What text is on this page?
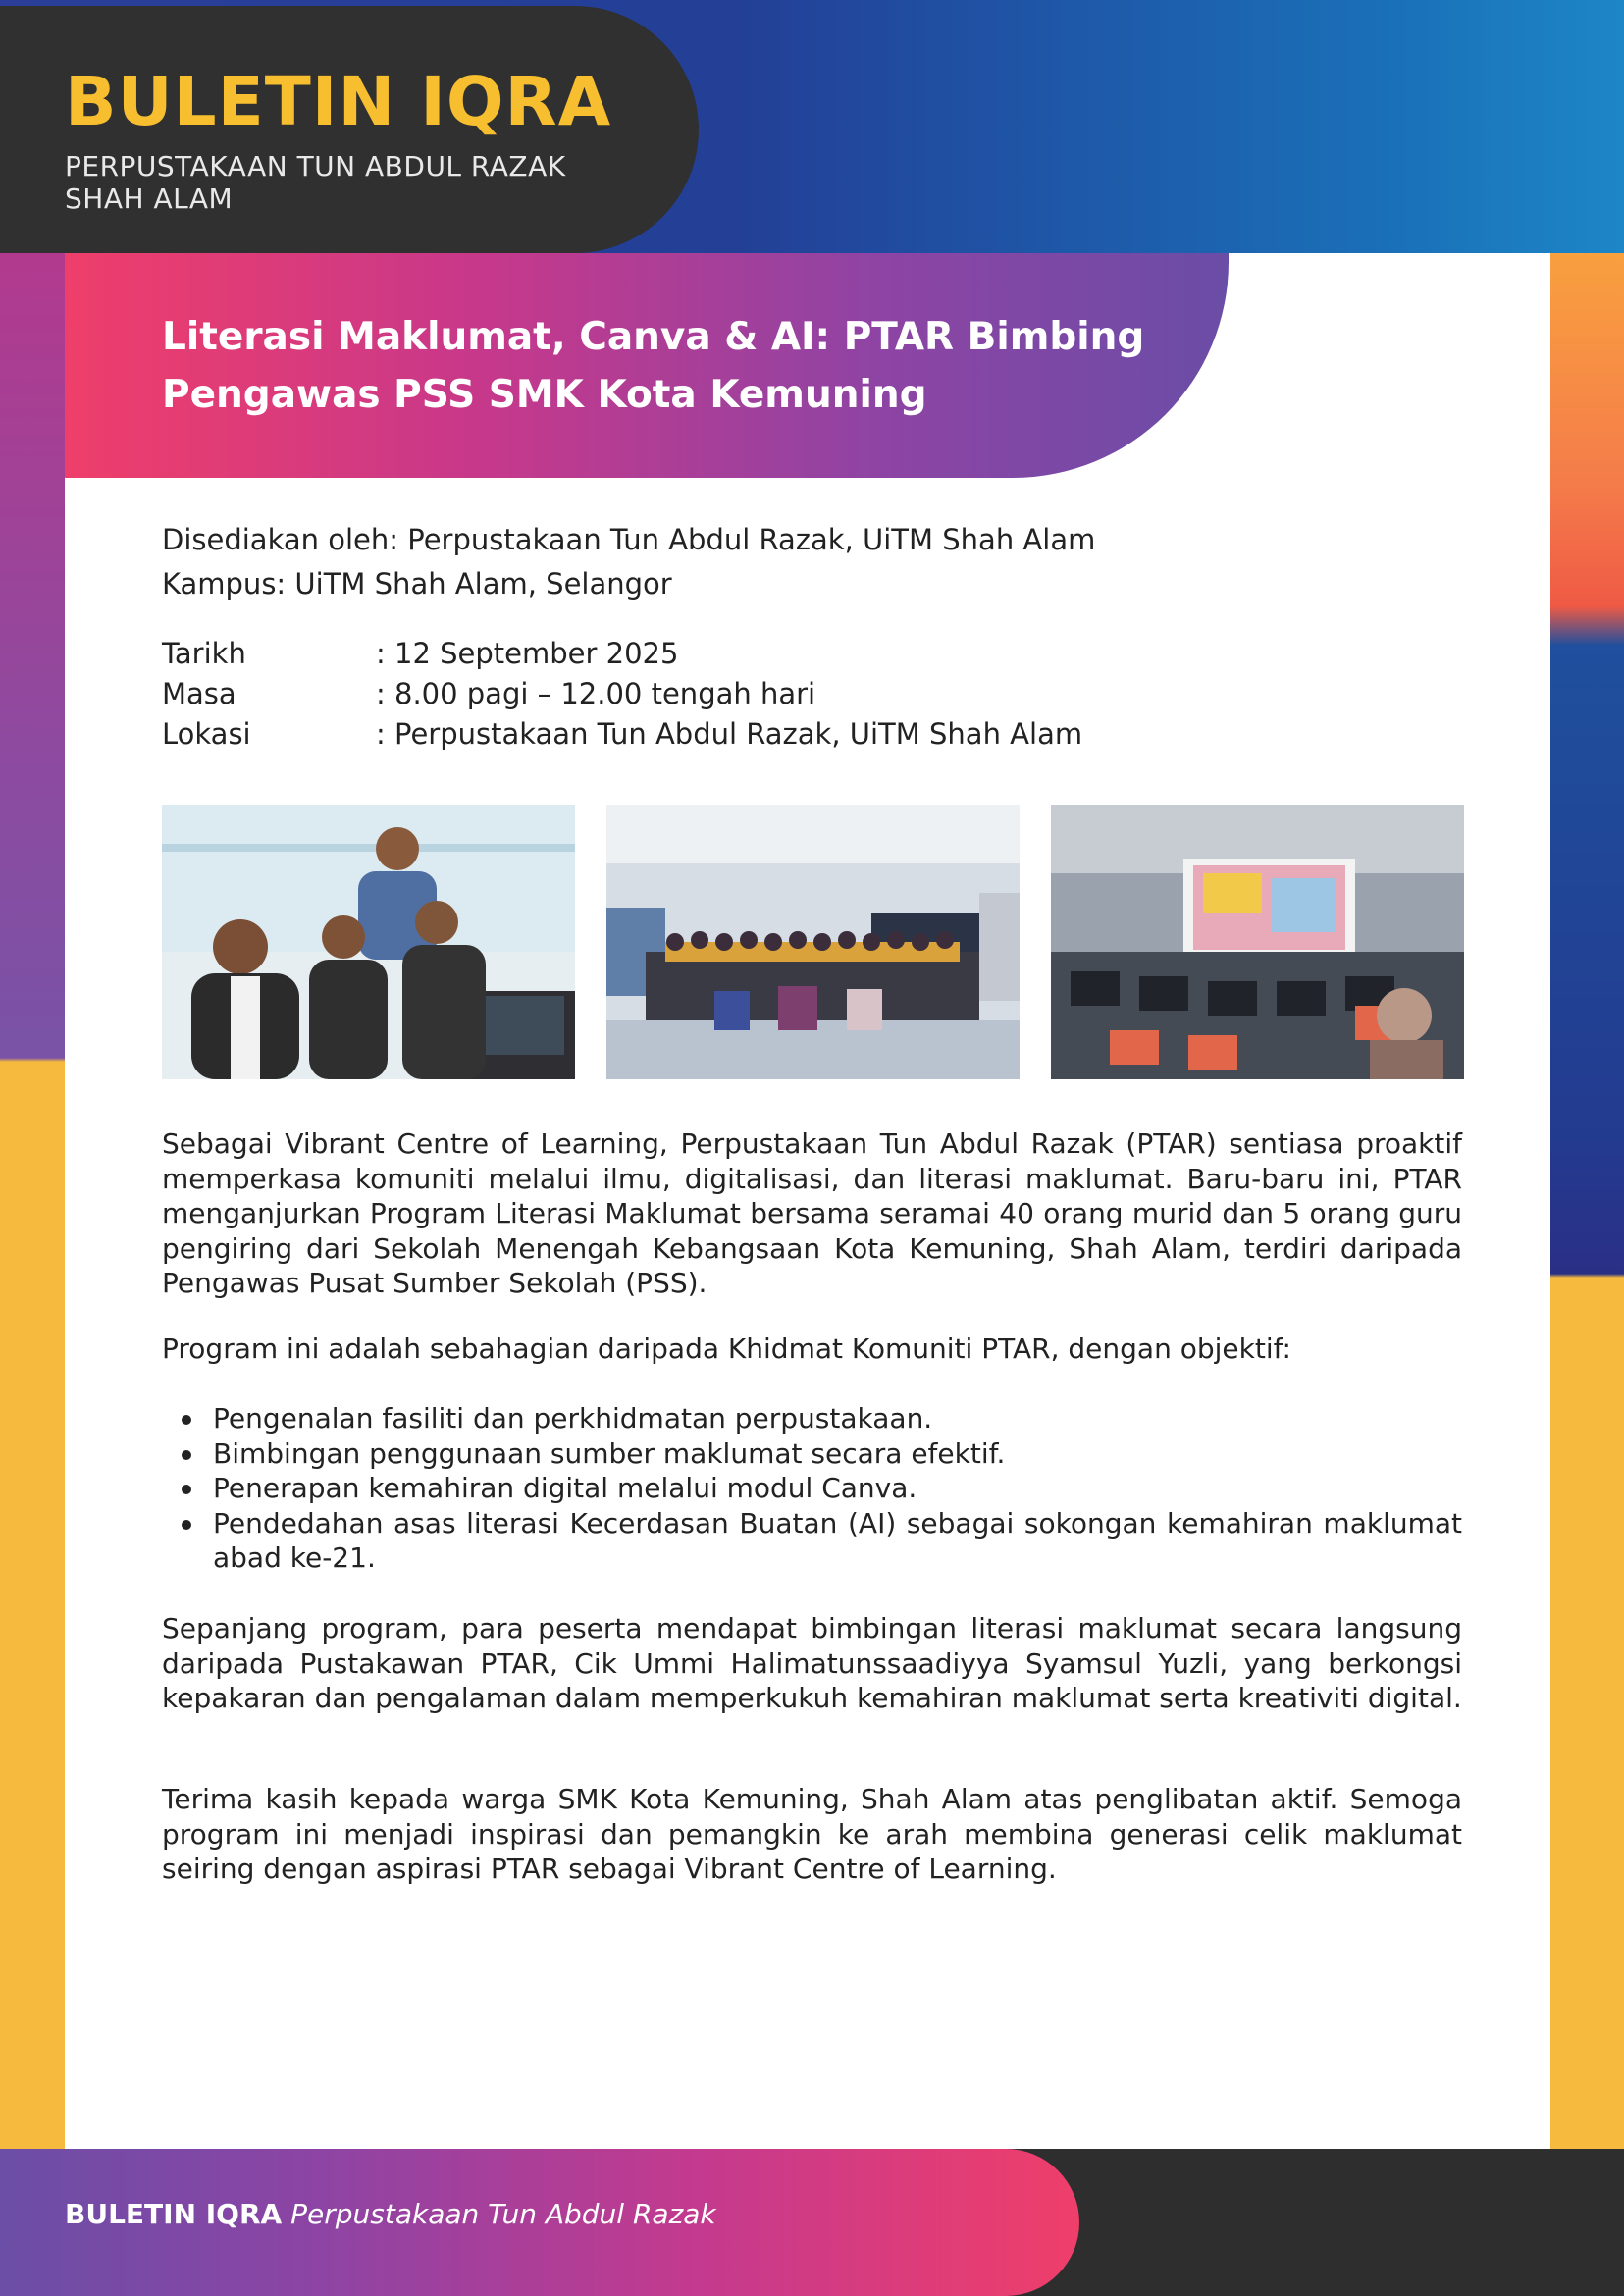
BULETIN IQRA
PERPUSTAKAAN TUN ABDUL RAZAK
SHAH ALAM
Literasi Maklumat, Canva & AI: PTAR Bimbing
Pengawas PSS SMK Kota Kemuning
Disediakan oleh: Perpustakaan Tun Abdul Razak, UiTM Shah Alam
Kampus: UiTM Shah Alam, Selangor
Tarikh	: 12 September 2025
Masa	: 8.00 pagi – 12.00 tengah hari
Lokasi	: Perpustakaan Tun Abdul Razak, UiTM Shah Alam

Sebagai Vibrant Centre of Learning, Perpustakaan Tun Abdul Razak (PTAR) sentiasa proaktif memperkasa komuniti melalui ilmu, digitalisasi, dan literasi maklumat. Baru-baru ini, PTAR menganjurkan Program Literasi Maklumat bersama seramai 40 orang murid dan 5 orang guru pengiring dari Sekolah Menengah Kebangsaan Kota Kemuning, Shah Alam, terdiri daripada Pengawas Pusat Sumber Sekolah (PSS).

Program ini adalah sebahagian daripada Khidmat Komuniti PTAR, dengan objektif:

Pengenalan fasiliti dan perkhidmatan perpustakaan.
Bimbingan penggunaan sumber maklumat secara efektif.
Penerapan kemahiran digital melalui modul Canva.
Pendedahan asas literasi Kecerdasan Buatan (AI) sebagai sokongan kemahiran maklumat abad ke-21.

Sepanjang program, para peserta mendapat bimbingan literasi maklumat secara langsung daripada Pustakawan PTAR, Cik Ummi Halimatunssaadiyya Syamsul Yuzli, yang berkongsi kepakaran dan pengalaman dalam memperkukuh kemahiran maklumat serta kreativiti digital.

Terima kasih kepada warga SMK Kota Kemuning, Shah Alam atas penglibatan aktif. Semoga program ini menjadi inspirasi dan pemangkin ke arah membina generasi celik maklumat seiring dengan aspirasi PTAR sebagai Vibrant Centre of Learning.

BULETIN IQRA Perpustakaan Tun Abdul Razak
